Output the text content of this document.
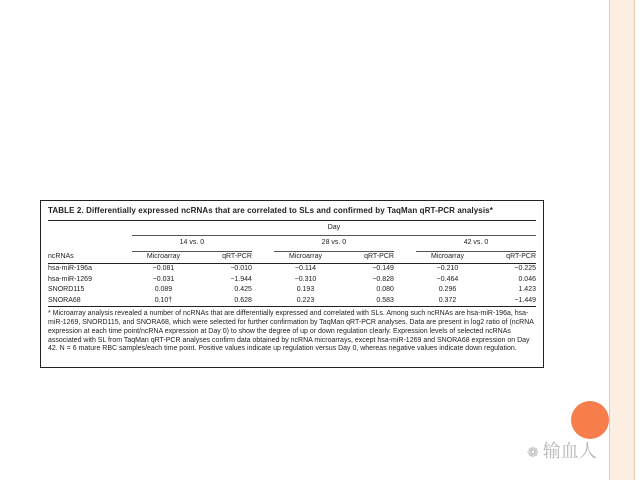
❁ 输血人
TABLE 2. Differentially expressed ncRNAs that are correlated to SLs and confirmed by TaqMan qRT-PCR analysis*
	Day							
	14 vs. 0			28 vs. 0			42 vs. 0	
ncRNAs	Microarray	qRT-PCR		Microarray	qRT-PCR		Microarray	qRT-PCR
hsa-miR-196a	−0.081	−0.010		−0.114	−0.149		−0.210	−0.225
hsa-miR-1269	−0.031	−1.944		−0.310	−0.828		−0.464	0.046
SNORD115	0.089	0.425		0.193	0.080		0.296	1.423
SNORA68	0.10†	0.628		0.223	0.583		0.372	−1.449
* Microarray analysis revealed a number of ncRNAs that are differentially expressed and correlated with SLs. Among such ncRNAs are hsa-miR-196a, hsa-miR-1269, SNORD115, and SNORA68, which were selected for further confirmation by TaqMan qRT-PCR analyses. Data are present in log2 ratio of (ncRNA expression at each time point/ncRNA expression at Day 0) to show the degree of up or down regulation clearly. Expression levels of selected ncRNAs associated with SL from TaqMan qRT-PCR analyses confirm data obtained by ncRNA microarrays, except hsa-miR-1269 and SNORA68 expression on Day 42. N = 6 mature RBC samples/each time point. Positive values indicate up regulation versus Day 0, whereas negative values indicate down regulation.
